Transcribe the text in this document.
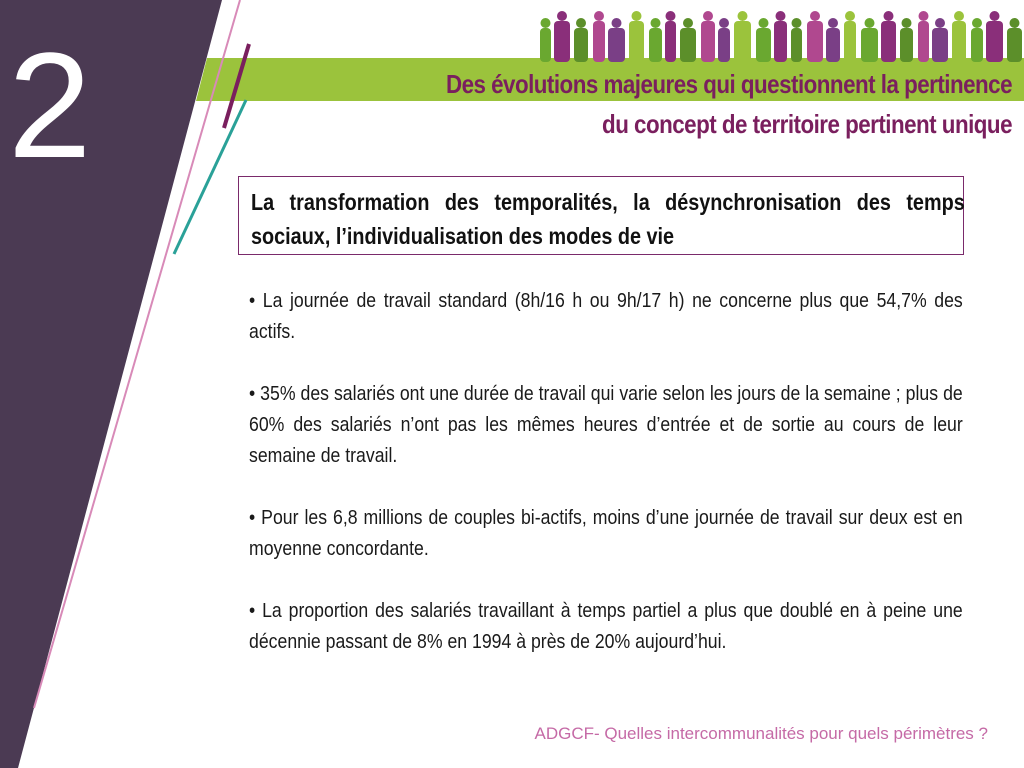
2	Des évolutions majeures qui questionnent la pertinence
du concept de territoire pertinent unique

La transformation des temporalités, la désynchronisation des temps sociaux, l’individualisation des modes de vie

• La journée de travail standard (8h/16 h ou 9h/17 h) ne concerne plus que 54,7% des actifs.

• 35% des salariés ont une durée de travail qui varie selon les jours de la semaine ; plus de 60% des salariés n’ont pas les mêmes heures d’entrée et de sortie au cours de leur semaine de travail.

• Pour les 6,8 millions de couples bi-actifs, moins d’une journée de travail sur deux est en moyenne concordante.

• La proportion des salariés travaillant à temps partiel a plus que doublé en à peine une décennie passant de 8% en 1994 à près de 20% aujourd’hui.

ADGCF- Quelles intercommunalités pour quels périmètres ?
